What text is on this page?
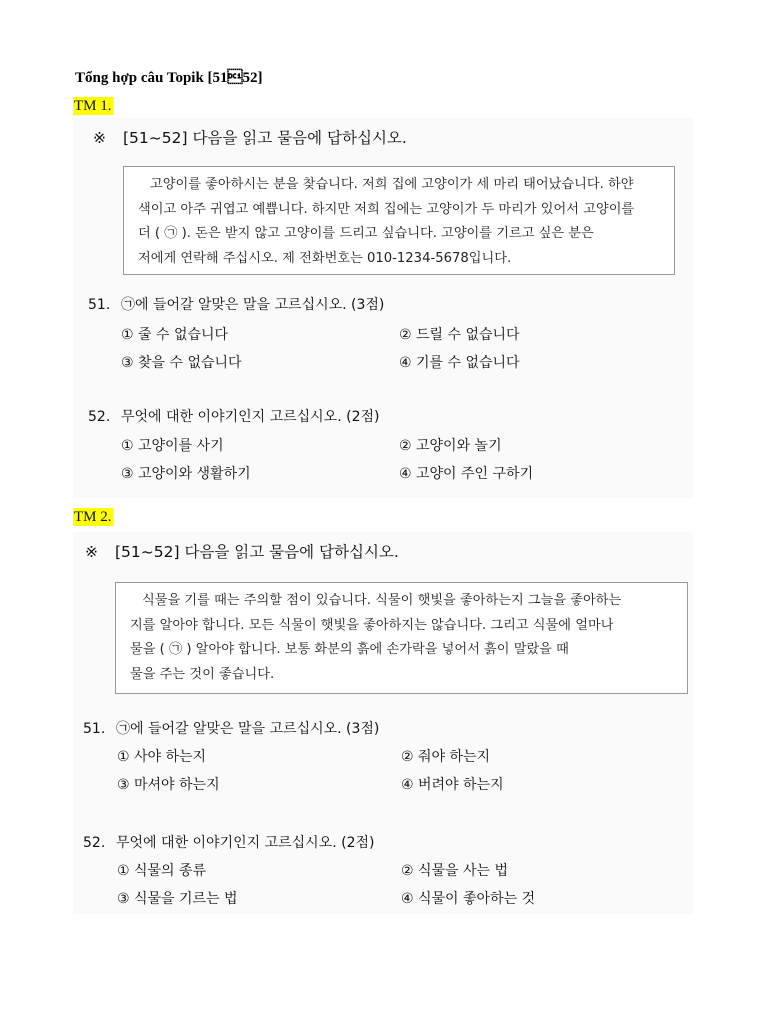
Tổng hợp câu Topik [5152]
TM 1.
※ [51~52] 다음을 읽고 물음에 답하십시오.
고양이를 좋아하시는 분을 찾습니다. 저희 집에 고양이가 세 마리 태어났습니다. 하얀
색이고 아주 귀엽고 예쁩니다. 하지만 저희 집에는 고양이가 두 마리가 있어서 고양이를
더 ( ㉠ ). 돈은 받지 않고 고양이를 드리고 싶습니다. 고양이를 기르고 싶은 분은
저에게 연락해 주십시오. 제 전화번호는 010-1234-5678입니다.
51. ㉠에 들어갈 알맞은 말을 고르십시오. (3점)
① 줄 수 없습니다	② 드릴 수 없습니다
③ 찾을 수 없습니다	④ 기를 수 없습니다
52. 무엇에 대한 이야기인지 고르십시오. (2점)
① 고양이를 사기	② 고양이와 놀기
③ 고양이와 생활하기	④ 고양이 주인 구하기
TM 2.
※ [51~52] 다음을 읽고 물음에 답하십시오.
식물을 기를 때는 주의할 점이 있습니다. 식물이 햇빛을 좋아하는지 그늘을 좋아하는
지를 알아야 합니다. 모든 식물이 햇빛을 좋아하지는 않습니다. 그리고 식물에 얼마나
물을 ( ㉠ ) 알아야 합니다. 보통 화분의 흙에 손가락을 넣어서 흙이 말랐을 때
물을 주는 것이 좋습니다.
51. ㉠에 들어갈 알맞은 말을 고르십시오. (3점)
① 사야 하는지	② 줘야 하는지
③ 마셔야 하는지	④ 버려야 하는지
52. 무엇에 대한 이야기인지 고르십시오. (2점)
① 식물의 종류	② 식물을 사는 법
③ 식물을 기르는 법	④ 식물이 좋아하는 것
